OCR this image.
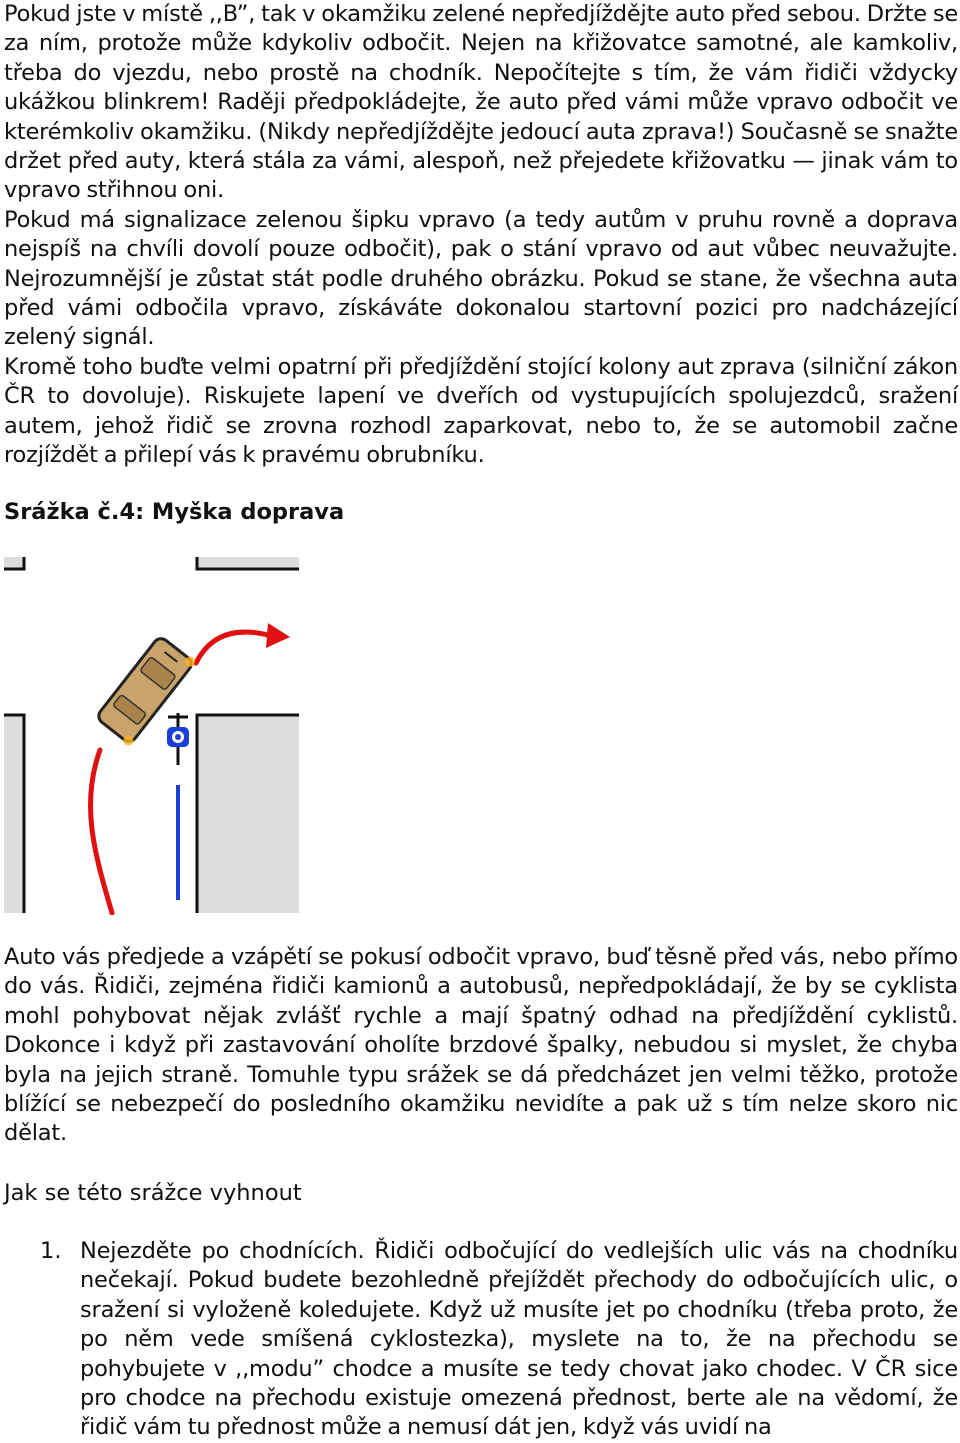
Pokud jste v místě ,,B”, tak v okamžiku zelené nepředjíždějte auto před sebou. Držte se za ním, protože může kdykoliv odbočit. Nejen na křižovatce samotné, ale kamkoliv, třeba do vjezdu, nebo prostě na chodník. Nepočítejte s tím, že vám řidiči vždycky ukážkou blinkrem! Raději předpokládejte, že auto před vámi může vpravo odbočit ve kterémkoliv okamžiku. (Nikdy nepředjíždějte jedoucí auta zprava!) Současně se snažte držet před auty, která stála za vámi, alespoň, než přejedete křižovatku — jinak vám to vpravo střihnou oni.

Pokud má signalizace zelenou šipku vpravo (a tedy autům v pruhu rovně a doprava nejspíš na chvíli dovolí pouze odbočit), pak o stání vpravo od aut vůbec neuvažujte. Nejrozumnější je zůstat stát podle druhého obrázku. Pokud se stane, že všechna auta před vámi odbočila vpravo, získáváte dokonalou startovní pozici pro nadcházející zelený signál.

Kromě toho buďte velmi opatrní při předjíždění stojící kolony aut zprava (silniční zákon ČR to dovoluje). Riskujete lapení ve dveřích od vystupujících spolujezdců, sražení autem, jehož řidič se zrovna rozhodl zaparkovat, nebo to, že se automobil začne rozjíždět a přilepí vás k pravému obrubníku.

Srážka č.4: Myška doprava

Auto vás předjede a vzápětí se pokusí odbočit vpravo, buď těsně před vás, nebo přímo do vás. Řidiči, zejména řidiči kamionů a autobusů, nepředpokládají, že by se cyklista mohl pohybovat nějak zvlášť rychle a mají špatný odhad na předjíždění cyklistů. Dokonce i když při zastavování oholíte brzdové špalky, nebudou si myslet, že chyba byla na jejich straně. Tomuhle typu srážek se dá předcházet jen velmi těžko, protože blížící se nebezpečí do posledního okamžiku nevidíte a pak už s tím nelze skoro nic dělat.

Jak se této srážce vyhnout
1. Nejezděte po chodnících. Řidiči odbočující do vedlejších ulic vás na chodníku nečekají. Pokud budete bezohledně přejíždět přechody do odbočujících ulic, o sražení si vyloženě koledujete. Když už musíte jet po chodníku (třeba proto, že po něm vede smíšená cyklostezka), myslete na to, že na přechodu se pohybujete v ,,modu” chodce a musíte se tedy chovat jako chodec. V ČR sice pro chodce na přechodu existuje omezená přednost, berte ale na vědomí, že řidič vám tu přednost může a nemusí dát jen, když vás uvidí na
